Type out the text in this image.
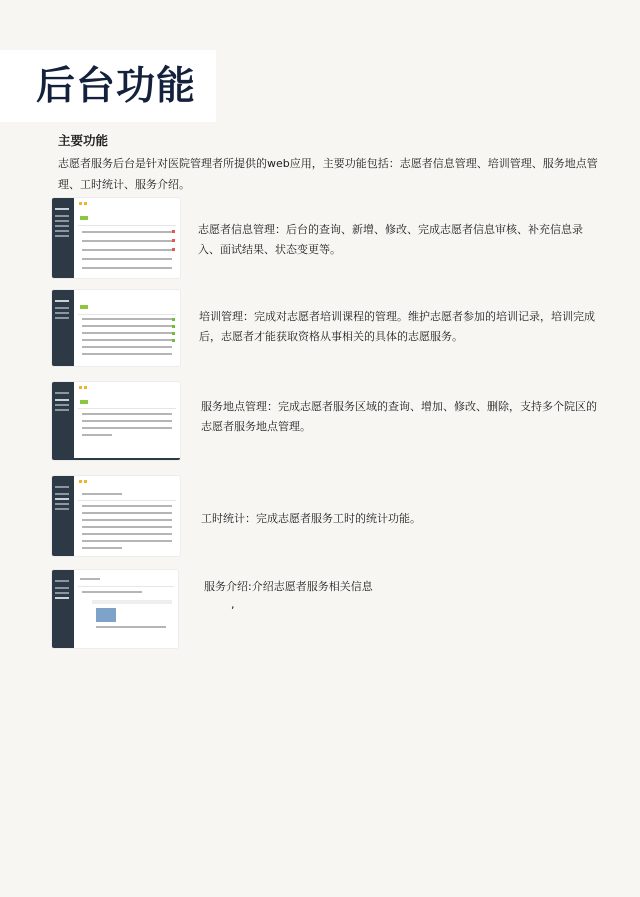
后台功能
主要功能
志愿者服务后台是针对医院管理者所提供的web应用，主要功能包括：志愿者信息管理、培训管理、服务地点管理、工时统计、服务介绍。
志愿者信息管理：后台的查询、新增、修改、完成志愿者信息审核、补充信息录入、面试结果、状态变更等。
培训管理：完成对志愿者培训课程的管理。维护志愿者参加的培训记录，培训完成后，志愿者才能获取资格从事相关的具体的志愿服务。
服务地点管理：完成志愿者服务区域的查询、增加、修改、删除，支持多个院区的志愿者服务地点管理。
工时统计：完成志愿者服务工时的统计功能。
服务介绍:介绍志愿者服务相关信息
,
